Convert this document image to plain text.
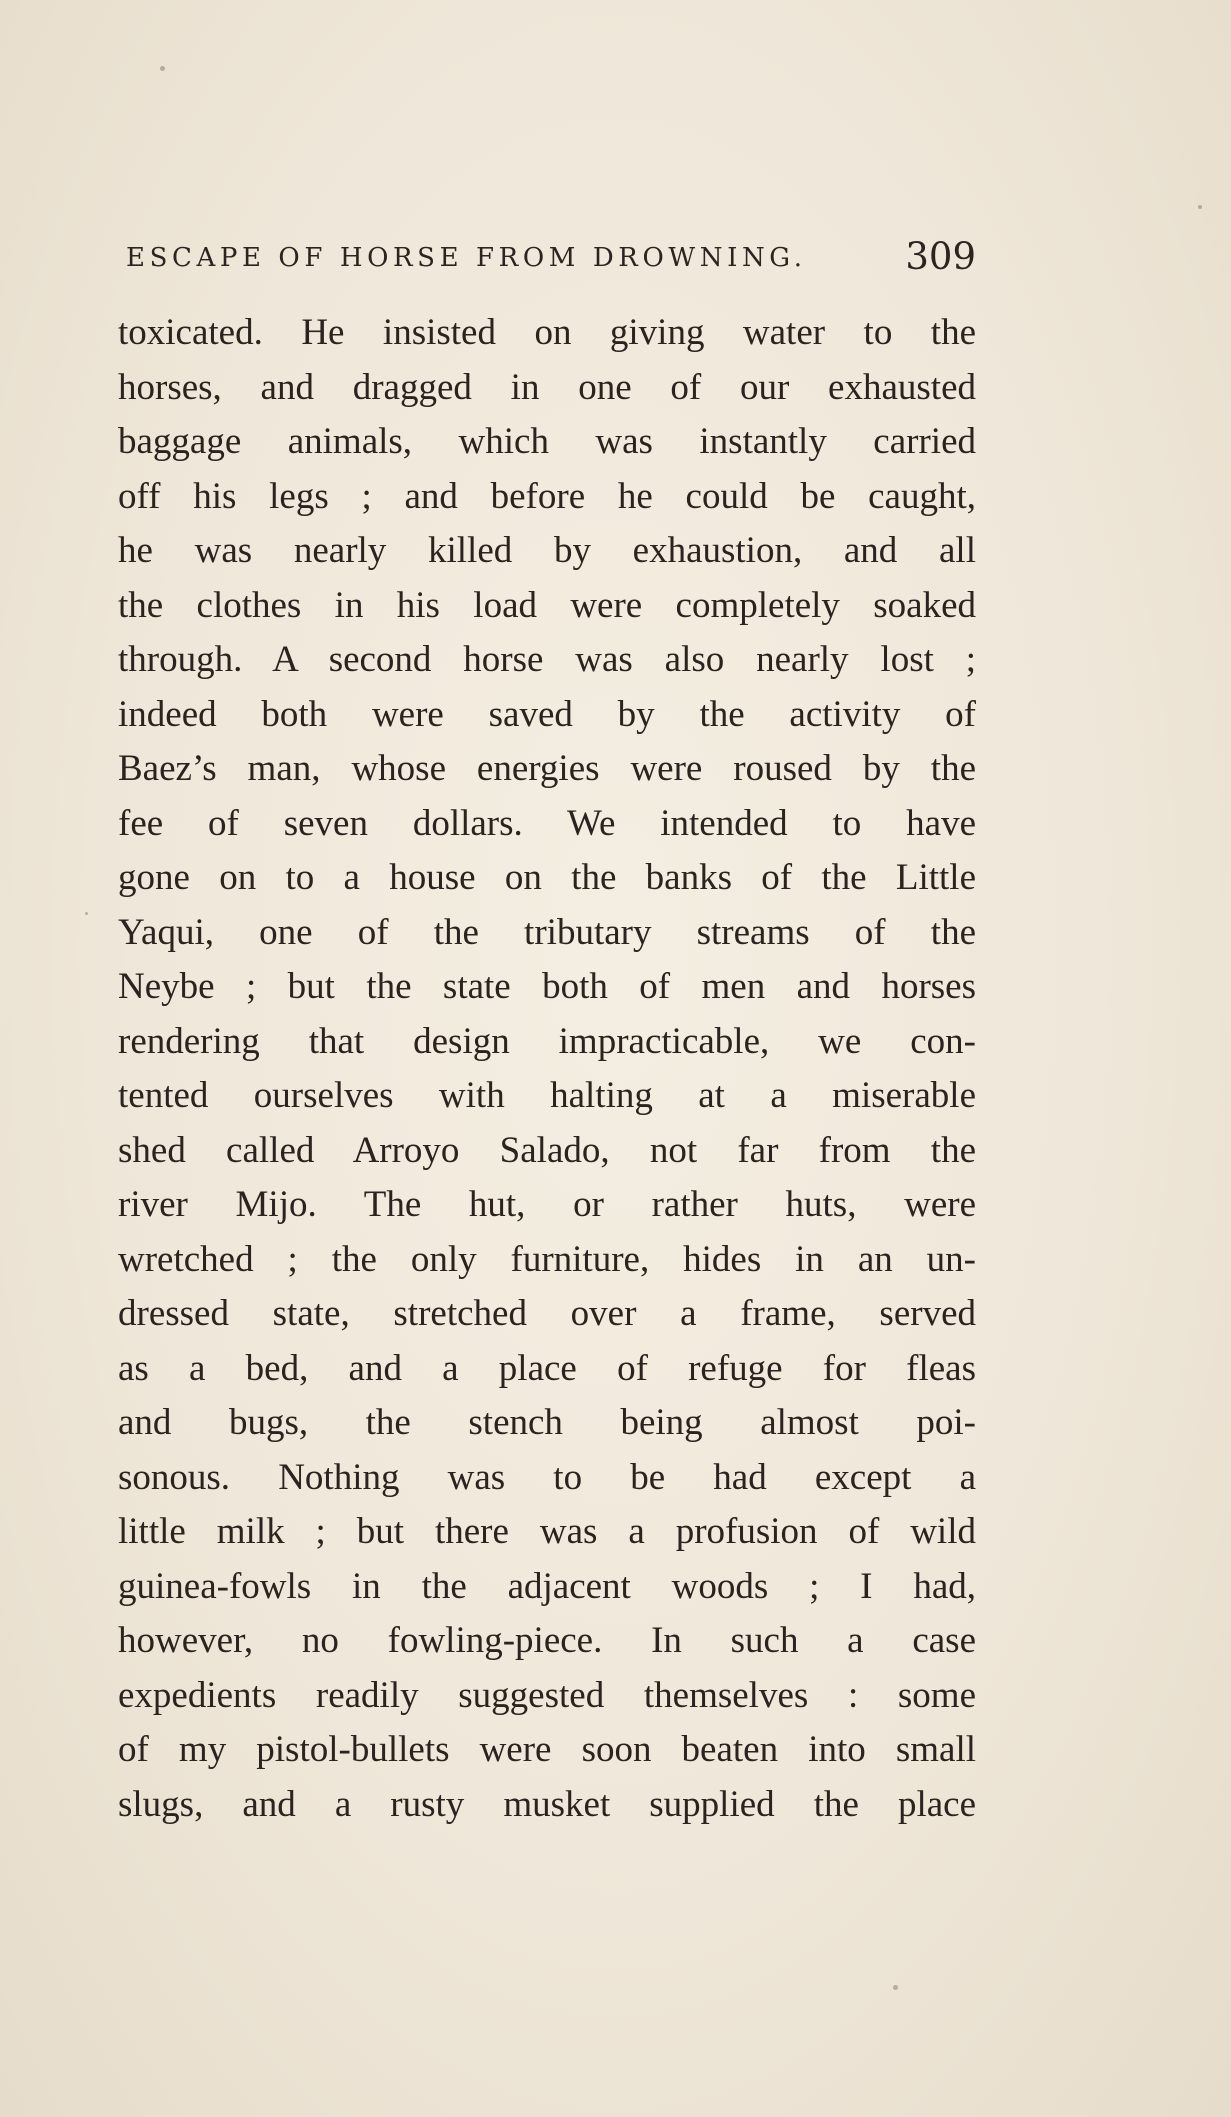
ESCAPE OF HORSE FROM DROWNING.	309
toxicated. He insisted on giving water to the
horses, and dragged in one of our exhausted
baggage animals, which was instantly carried
off his legs ; and before he could be caught,
he was nearly killed by exhaustion, and all
the clothes in his load were completely soaked
through. A second horse was also nearly lost ;
indeed both were saved by the activity of
Baez’s man, whose energies were roused by the
fee of seven dollars. We intended to have
gone on to a house on the banks of the Little
Yaqui, one of the tributary streams of the
Neybe ; but the state both of men and horses
rendering that design impracticable, we con-
tented ourselves with halting at a miserable
shed called Arroyo Salado, not far from the
river Mijo. The hut, or rather huts, were
wretched ; the only furniture, hides in an un-
dressed state, stretched over a frame, served
as a bed, and a place of refuge for fleas
and bugs, the stench being almost poi-
sonous. Nothing was to be had except a
little milk ; but there was a profusion of wild
guinea-fowls in the adjacent woods ; I had,
however, no fowling-piece. In such a case
expedients readily suggested themselves : some
of my pistol-bullets were soon beaten into small
slugs, and a rusty musket supplied the place
